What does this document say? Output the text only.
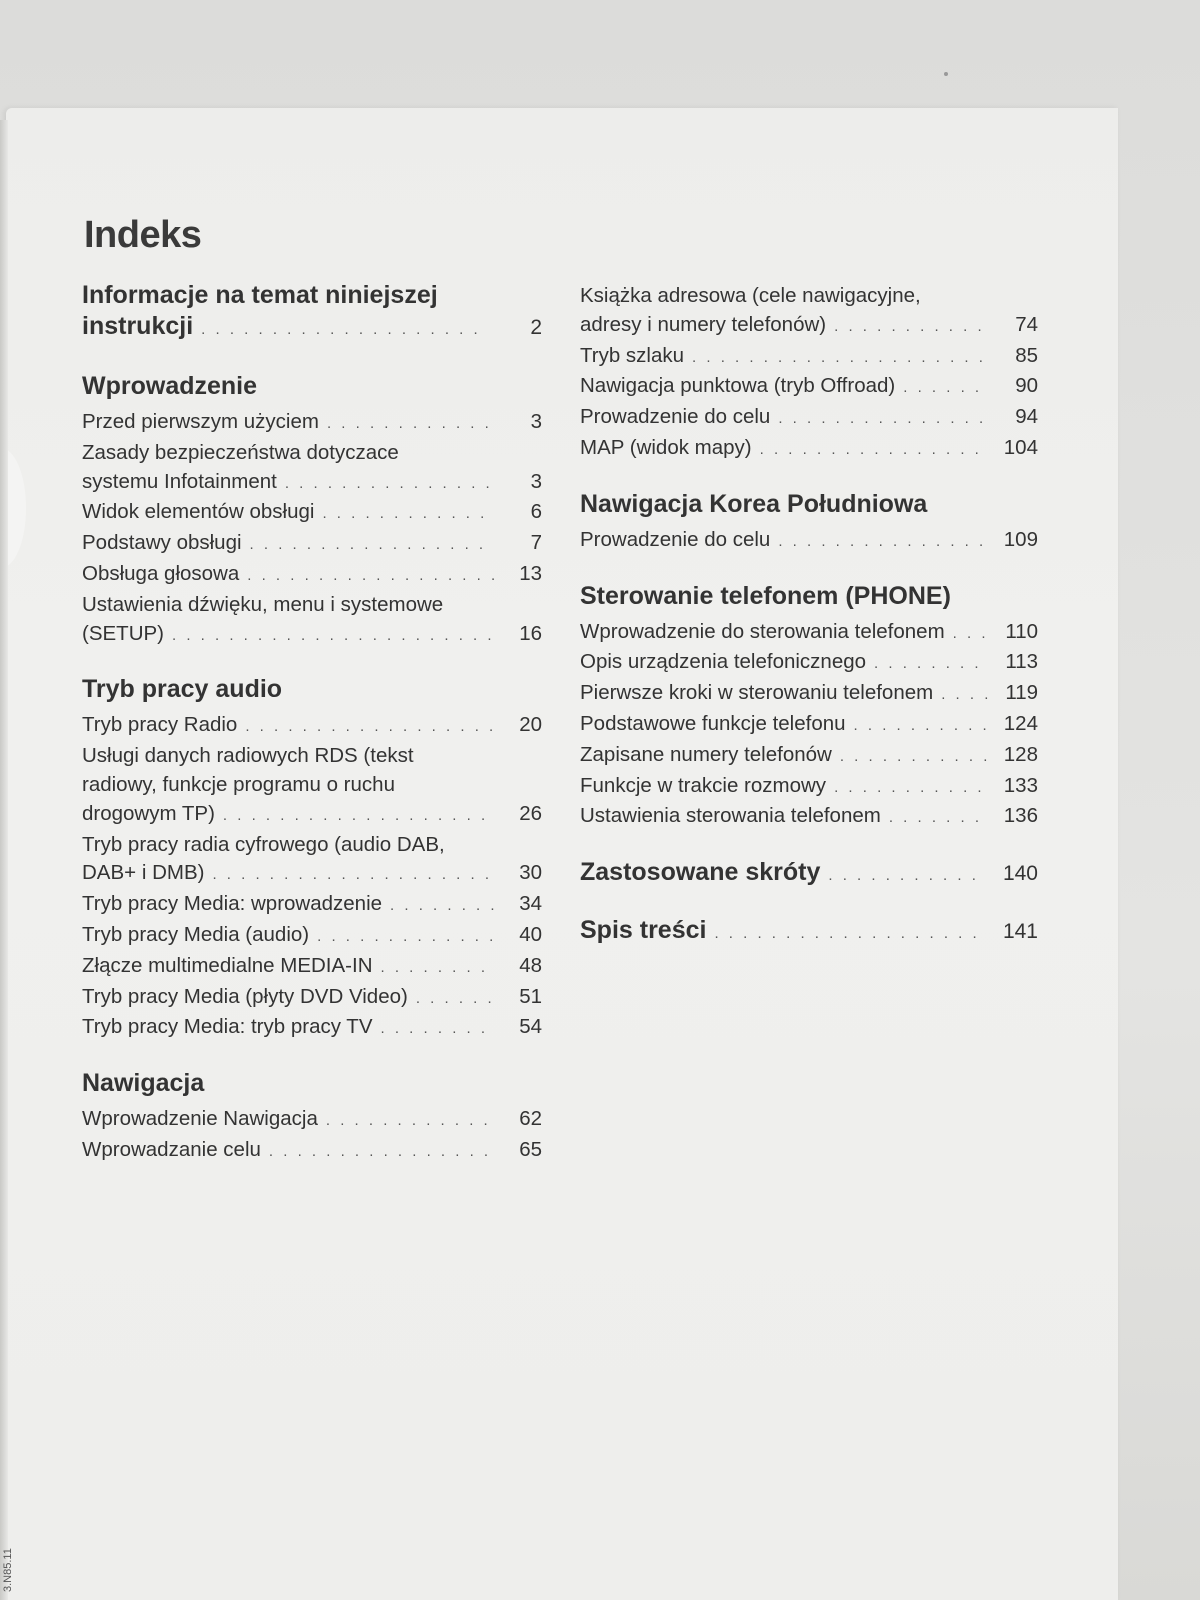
Indeks
Informacje na temat niniejszej
instrukcji . . .	2
Wprowadzenie
Przed pierwszym użyciem . . .	3
Zasady bezpieczeństwa dotyczace
systemu Infotainment . . .	3
Widok elementów obsługi . . .	6
Podstawy obsługi . . .	7
Obsługa głosowa . . .	13
Ustawienia dźwięku, menu i systemowe
(SETUP) . . .	16
Tryb pracy audio
Tryb pracy Radio . . .	20
Usługi danych radiowych RDS (tekst
radiowy, funkcje programu o ruchu
drogowym TP) . . .	26
Tryb pracy radia cyfrowego (audio DAB,
DAB+ i DMB) . . .	30
Tryb pracy Media: wprowadzenie . . .	34
Tryb pracy Media (audio) . . .	40
Złącze multimedialne MEDIA-IN . . .	48
Tryb pracy Media (płyty DVD Video) . . .	51
Tryb pracy Media: tryb pracy TV . . .	54
Nawigacja
Wprowadzenie Nawigacja . . .	62
Wprowadzanie celu . . .	65
Książka adresowa (cele nawigacyjne,
adresy i numery telefonów) . . .	74
Tryb szlaku . . .	85
Nawigacja punktowa (tryb Offroad) . . .	90
Prowadzenie do celu . . .	94
MAP (widok mapy) . . .	104
Nawigacja Korea Południowa
Prowadzenie do celu . . .	109
Sterowanie telefonem (PHONE)
Wprowadzenie do sterowania telefonem . . .	110
Opis urządzenia telefonicznego . . .	113
Pierwsze kroki w sterowaniu telefonem . . .	119
Podstawowe funkcje telefonu . . .	124
Zapisane numery telefonów . . .	128
Funkcje w trakcie rozmowy . . .	133
Ustawienia sterowania telefonem . . .	136
Zastosowane skróty . . .	140
Spis treści . . .	141
3.N85.11
